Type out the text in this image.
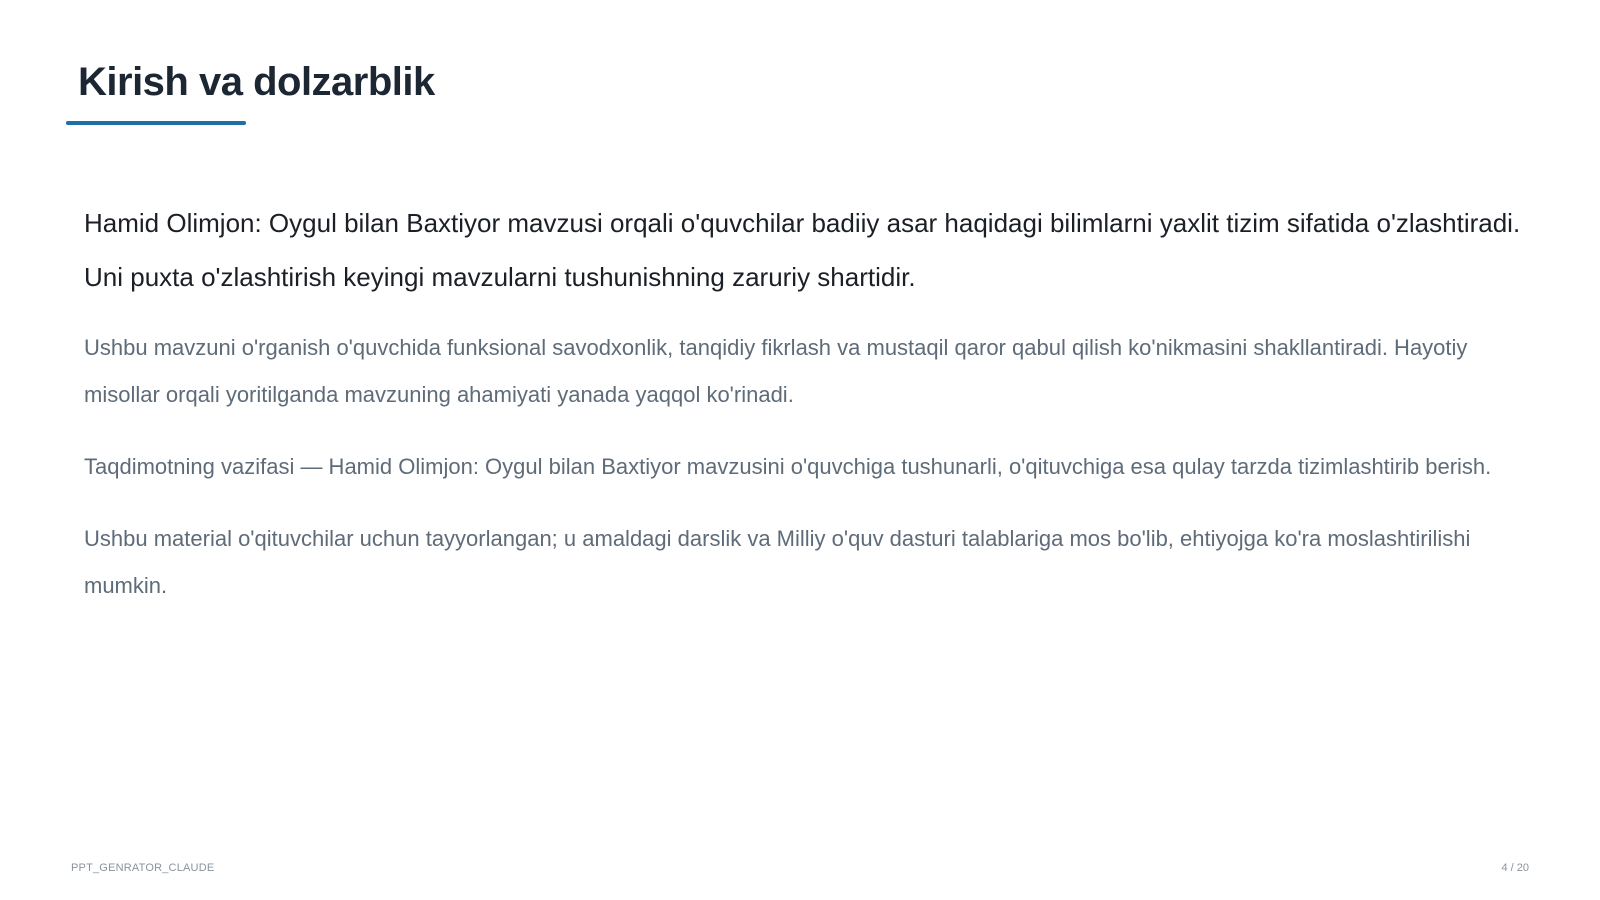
Kirish va dolzarblik

Hamid Olimjon: Oygul bilan Baxtiyor mavzusi orqali o'quvchilar badiiy asar haqidagi bilimlarni yaxlit tizim sifatida o'zlashtiradi. Uni puxta o'zlashtirish keyingi mavzularni tushunishning zaruriy shartidir.

Ushbu mavzuni o'rganish o'quvchida funksional savodxonlik, tanqidiy fikrlash va mustaqil qaror qabul qilish ko'nikmasini shakllantiradi. Hayotiy misollar orqali yoritilganda mavzuning ahamiyati yanada yaqqol ko'rinadi.

Taqdimotning vazifasi — Hamid Olimjon: Oygul bilan Baxtiyor mavzusini o'quvchiga tushunarli, o'qituvchiga esa qulay tarzda tizimlashtirib berish.

Ushbu material o'qituvchilar uchun tayyorlangan; u amaldagi darslik va Milliy o'quv dasturi talablariga mos bo'lib, ehtiyojga ko'ra moslashtirilishi mumkin.

PPT_GENRATOR_CLAUDE	4 / 20
